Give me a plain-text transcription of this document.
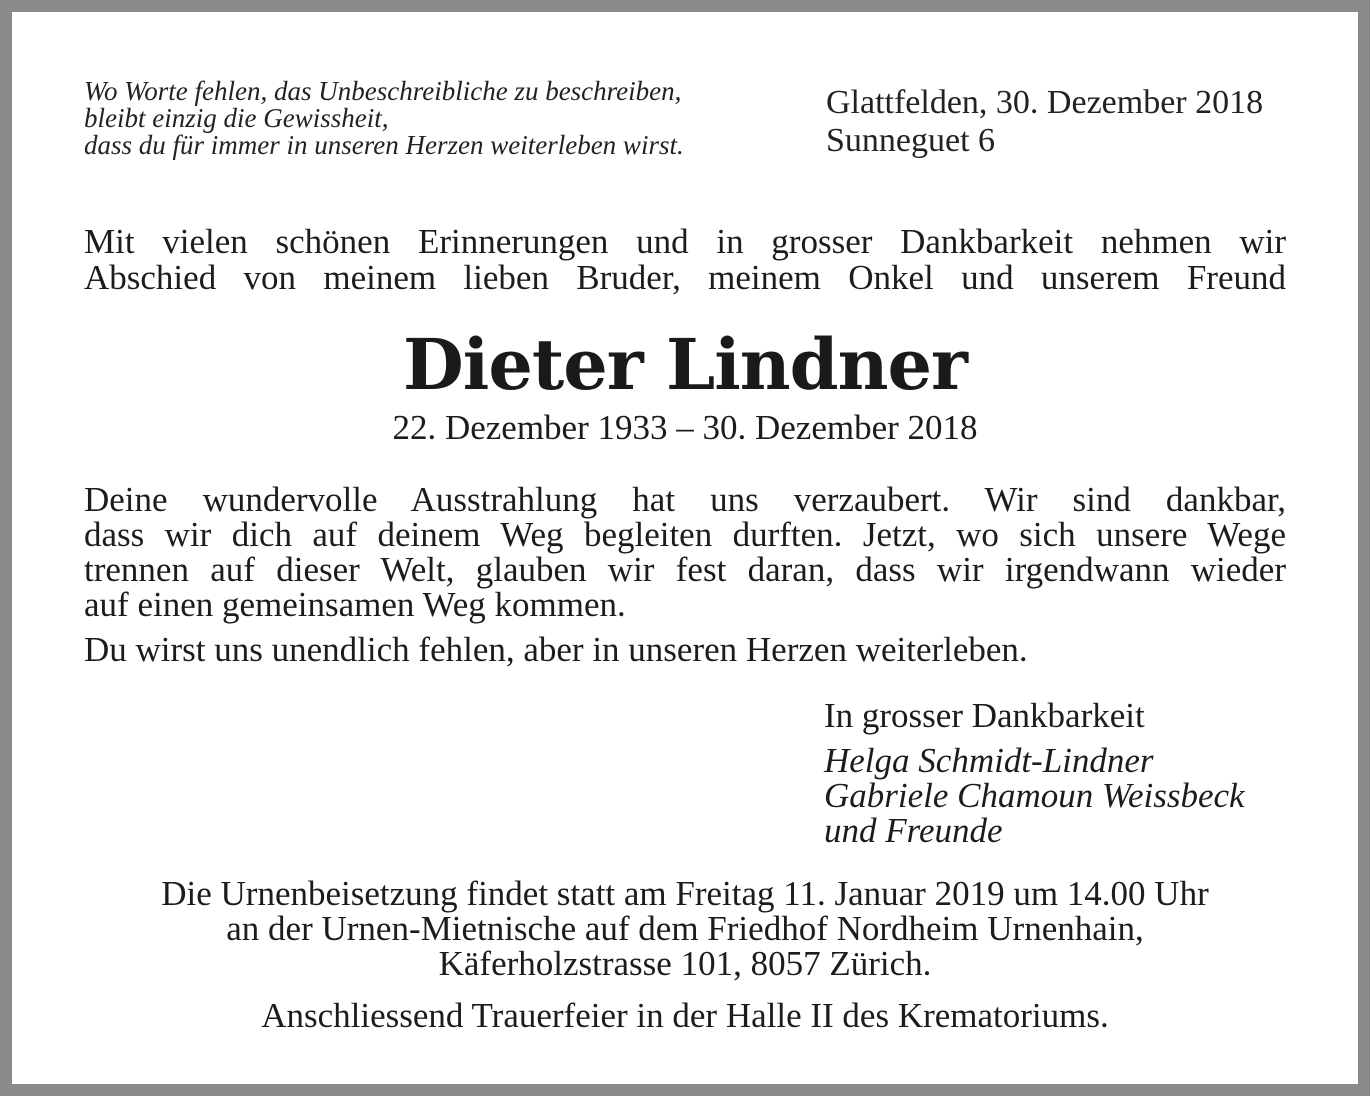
Wo Worte fehlen, das Unbeschreibliche zu beschreiben,
bleibt einzig die Gewissheit,
dass du für immer in unseren Herzen weiterleben wirst.
Glattfelden, 30. Dezember 2018
Sunneguet 6
Mit vielen schönen Erinnerungen und in grosser Dankbarkeit nehmen wir
Abschied von meinem lieben Bruder, meinem Onkel und unserem Freund
Dieter Lindner
22. Dezember 1933 – 30. Dezember 2018
Deine wundervolle Ausstrahlung hat uns verzaubert. Wir sind dankbar,
dass wir dich auf deinem Weg begleiten durften. Jetzt, wo sich unsere Wege
trennen auf dieser Welt, glauben wir fest daran, dass wir irgendwann wieder
auf einen gemeinsamen Weg kommen.
Du wirst uns unendlich fehlen, aber in unseren Herzen weiterleben.
In grosser Dankbarkeit
Helga Schmidt-Lindner
Gabriele Chamoun Weissbeck
und Freunde
Die Urnenbeisetzung findet statt am Freitag 11. Januar 2019 um 14.00 Uhr
an der Urnen-Mietnische auf dem Friedhof Nordheim Urnenhain,
Käferholzstrasse 101, 8057 Zürich.
Anschliessend Trauerfeier in der Halle II des Krematoriums.
